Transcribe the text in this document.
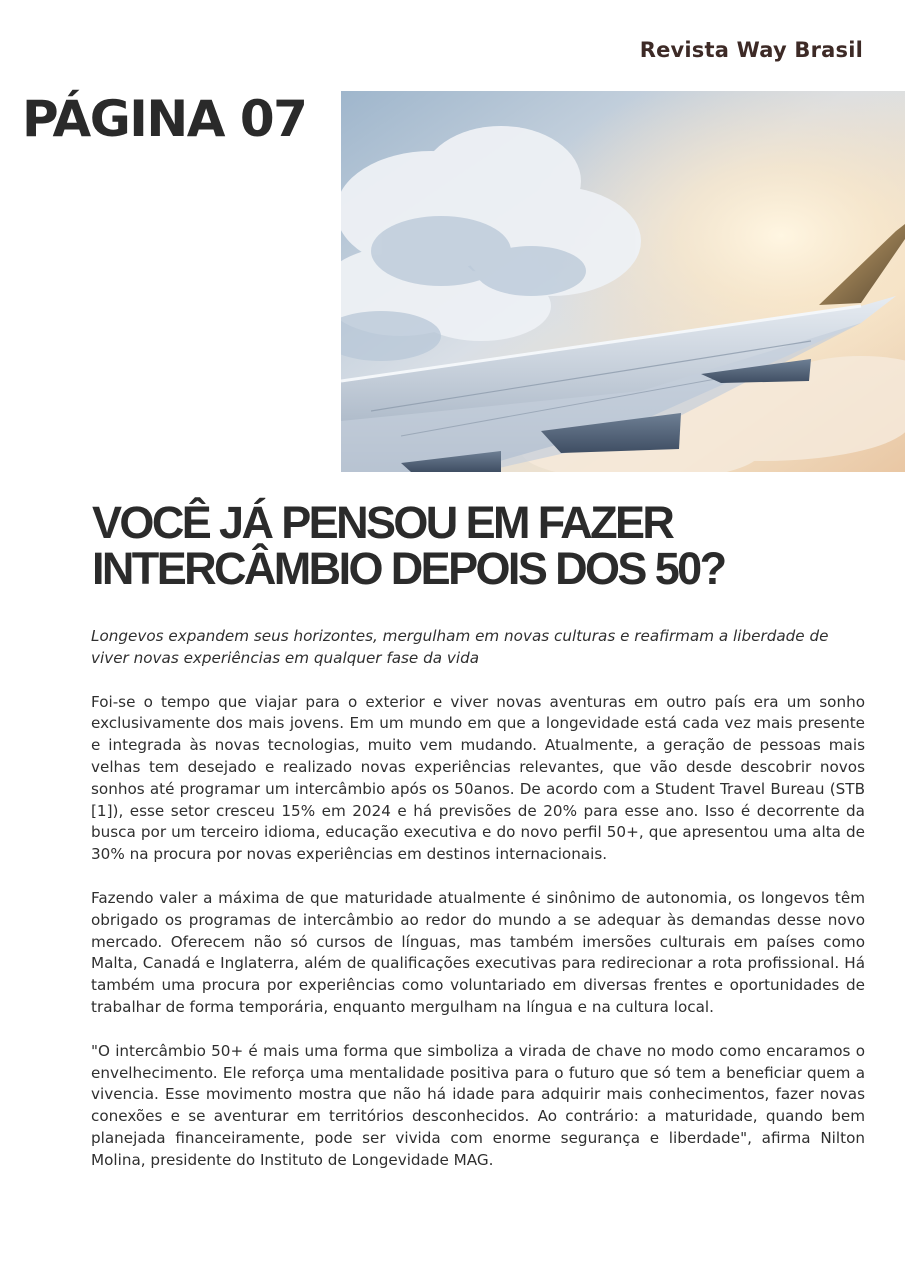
Revista Way Brasil
PÁGINA 07
VOCÊ JÁ PENSOU EM FAZER
INTERCÂMBIO DEPOIS DOS 50?

Longevos expandem seus horizontes, mergulham em novas culturas e reafirmam a liberdade de viver novas experiências em qualquer fase da vida

Foi-se o tempo que viajar para o exterior e viver novas aventuras em outro país era um sonho exclusivamente dos mais jovens. Em um mundo em que a longevidade está cada vez mais presente e integrada às novas tecnologias, muito vem mudando. Atualmente, a geração de pessoas mais velhas tem desejado e realizado novas experiências relevantes, que vão desde descobrir novos sonhos até programar um intercâmbio após os 50anos. De acordo com a Student Travel Bureau (STB [1]), esse setor cresceu 15% em 2024 e há previsões de 20% para esse ano. Isso é decorrente da busca por um terceiro idioma, educação executiva e do novo perfil 50+, que apresentou uma alta de 30% na procura por novas experiências em destinos internacionais.

Fazendo valer a máxima de que maturidade atualmente é sinônimo de autonomia, os longevos têm obrigado os programas de intercâmbio ao redor do mundo a se adequar às demandas desse novo mercado. Oferecem não só cursos de línguas, mas também imersões culturais em países como Malta, Canadá e Inglaterra, além de qualificações executivas para redirecionar a rota profissional. Há também uma procura por experiências como voluntariado em diversas frentes e oportunidades de trabalhar de forma temporária, enquanto mergulham na língua e na cultura local.

"O intercâmbio 50+ é mais uma forma que simboliza a virada de chave no modo como encaramos o envelhecimento. Ele reforça uma mentalidade positiva para o futuro que só tem a beneficiar quem a vivencia. Esse movimento mostra que não há idade para adquirir mais conhecimentos, fazer novas conexões e se aventurar em territórios desconhecidos. Ao contrário: a maturidade, quando bem planejada financeiramente, pode ser vivida com enorme segurança e liberdade", afirma Nilton Molina, presidente do Instituto de Longevidade MAG.
